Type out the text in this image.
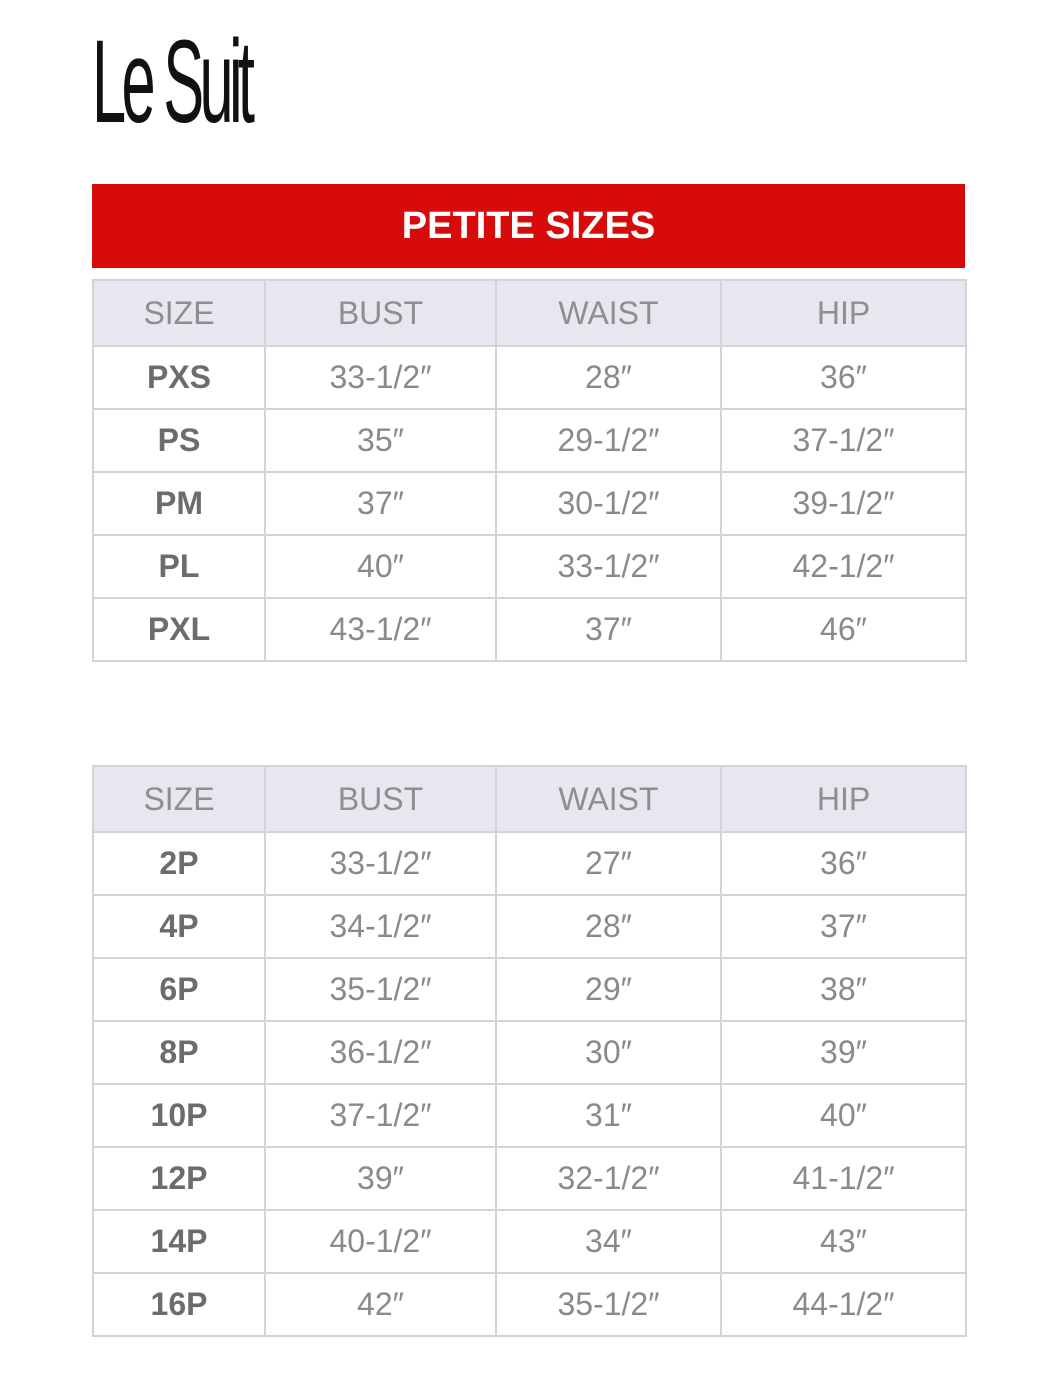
Le Suit
PETITE SIZES
SIZE	BUST	WAIST	HIP
PXS	33-1/2″	28″	36″
PS	35″	29-1/2″	37-1/2″
PM	37″	30-1/2″	39-1/2″
PL	40″	33-1/2″	42-1/2″
PXL	43-1/2″	37″	46″
SIZE	BUST	WAIST	HIP
2P	33-1/2″	27″	36″
4P	34-1/2″	28″	37″
6P	35-1/2″	29″	38″
8P	36-1/2″	30″	39″
10P	37-1/2″	31″	40″
12P	39″	32-1/2″	41-1/2″
14P	40-1/2″	34″	43″
16P	42″	35-1/2″	44-1/2″
